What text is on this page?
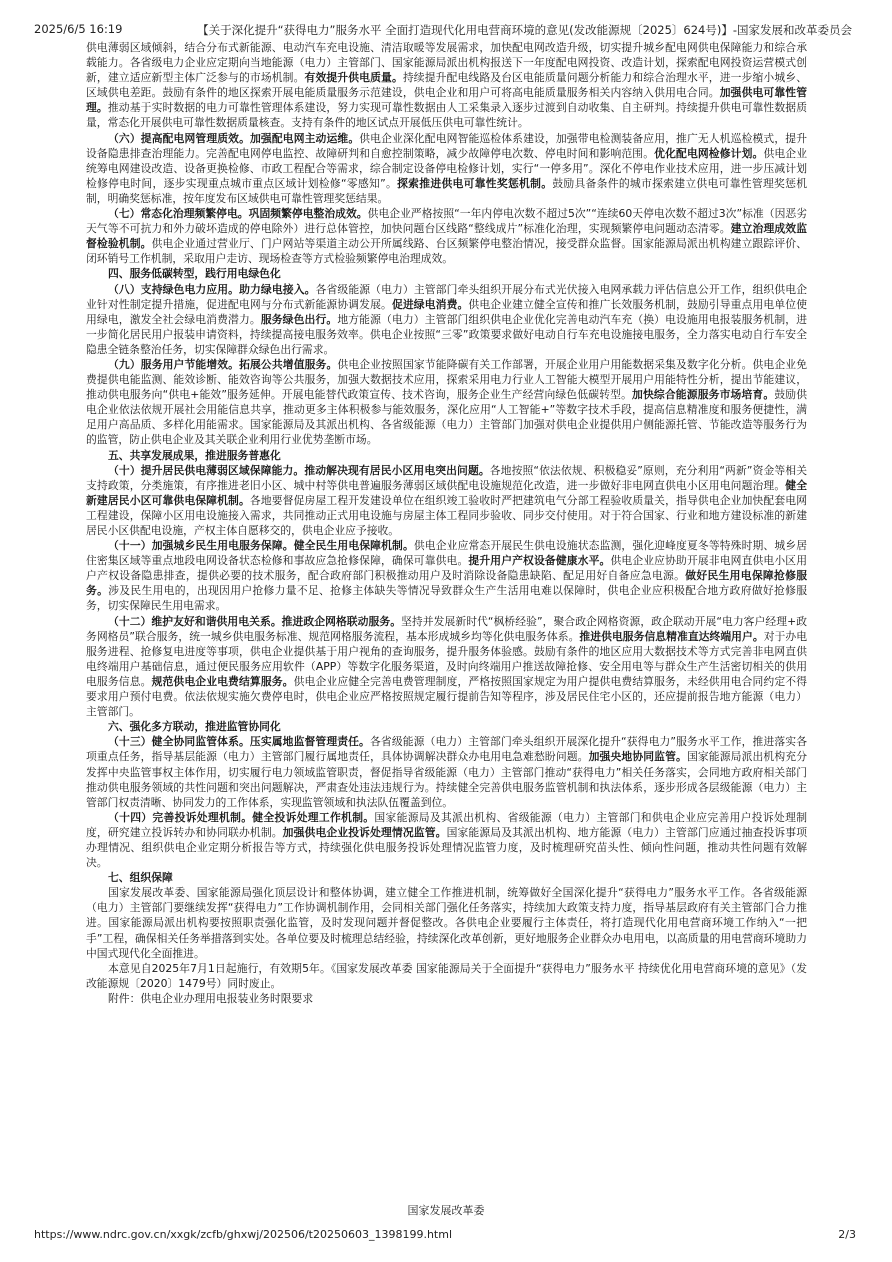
2025/6/5 16:19	【关于深化提升“获得电力”服务水平 全面打造现代化用电营商环境的意见(发改能源规〔2025〕624号)】-国家发展和改革委员会

供电薄弱区域倾斜，结合分布式新能源、电动汽车充电设施、清洁取暖等发展需求，加快配电网改造升级，切实提升城乡配电网供电保障能力和综合承载能力。各省级电力企业应定期向当地能源（电力）主管部门、国家能源局派出机构报送下一年度配电网投资、改造计划，探索配电网投资运营模式创新，建立适应新型主体广泛参与的市场机制。有效提升供电质量。持续提升配电线路及台区电能质量问题分析能力和综合治理水平，进一步缩小城乡、区域供电差距。鼓励有条件的地区探索开展电能质量服务示范建设，供电企业和用户可将高电能质量服务相关内容纳入供用电合同。加强供电可靠性管理。推动基于实时数据的电力可靠性管理体系建设，努力实现可靠性数据由人工采集录入逐步过渡到自动收集、自主研判。持续提升供电可靠性数据质量，常态化开展供电可靠性数据质量核查。支持有条件的地区试点开展低压供电可靠性统计。

（六）提高配电网管理质效。加强配电网主动运维。供电企业深化配电网智能巡检体系建设，加强带电检测装备应用，推广无人机巡检模式，提升设备隐患排查治理能力。完善配电网停电监控、故障研判和自愈控制策略，减少故障停电次数、停电时间和影响范围。优化配电网检修计划。供电企业统筹电网建设改造、设备更换检修、市政工程配合等需求，综合制定设备停电检修计划，实行“一停多用”。深化不停电作业技术应用，进一步压减计划检修停电时间，逐步实现重点城市重点区域计划检修“零感知”。探索推进供电可靠性奖惩机制。鼓励具备条件的城市探索建立供电可靠性管理奖惩机制，明确奖惩标准，按年度发布区域供电可靠性管理奖惩结果。

（七）常态化治理频繁停电。巩固频繁停电整治成效。供电企业严格按照“一年内停电次数不超过5次”“连续60天停电次数不超过3次”标准（因恶劣天气等不可抗力和外力破坏造成的停电除外）进行总体管控，加快问题台区线路“整线成片”标准化治理，实现频繁停电问题动态清零。建立治理成效监督检验机制。供电企业通过营业厅、门户网站等渠道主动公开所属线路、台区频繁停电整治情况，接受群众监督。国家能源局派出机构建立跟踪评价、闭环销号工作机制，采取用户走访、现场检查等方式检验频繁停电治理成效。

四、服务低碳转型，践行用电绿色化

（八）支持绿色电力应用。助力绿电接入。各省级能源（电力）主管部门牵头组织开展分布式光伏接入电网承载力评估信息公开工作，组织供电企业针对性制定提升措施，促进配电网与分布式新能源协调发展。促进绿电消费。供电企业建立健全宣传和推广长效服务机制，鼓励引导重点用电单位使用绿电，激发全社会绿电消费潜力。服务绿色出行。地方能源（电力）主管部门组织供电企业优化完善电动汽车充（换）电设施用电报装服务机制，进一步简化居民用户报装申请资料，持续提高接电服务效率。供电企业按照“三零”政策要求做好电动自行车充电设施接电服务，全力落实电动自行车安全隐患全链条整治任务，切实保障群众绿色出行需求。

（九）服务用户节能增效。拓展公共增值服务。供电企业按照国家节能降碳有关工作部署，开展企业用户用能数据采集及数字化分析。供电企业免费提供电能监测、能效诊断、能效咨询等公共服务，加强大数据技术应用，探索采用电力行业人工智能大模型开展用户用能特性分析，提出节能建议，推动供电服务向“供电+能效”服务延伸。开展电能替代政策宣传、技术咨询，服务企业生产经营向绿色低碳转型。加快综合能源服务市场培育。鼓励供电企业依法依规开展社会用能信息共享，推动更多主体积极参与能效服务，深化应用“人工智能+”等数字技术手段，提高信息精准度和服务便捷性，满足用户高品质、多样化用能需求。国家能源局及其派出机构、各省级能源（电力）主管部门加强对供电企业提供用户侧能源托管、节能改造等服务行为的监管，防止供电企业及其关联企业利用行业优势垄断市场。

五、共享发展成果，推进服务普惠化

（十）提升居民供电薄弱区域保障能力。推动解决现有居民小区用电突出问题。各地按照“依法依规、积极稳妥”原则，充分利用“两新”资金等相关支持政策，分类施策，有序推进老旧小区、城中村等供电普遍服务薄弱区域供配电设施规范化改造，进一步做好非电网直供电小区用电问题治理。健全新建居民小区可靠供电保障机制。各地要督促房屋工程开发建设单位在组织竣工验收时严把建筑电气分部工程验收质量关，指导供电企业加快配套电网工程建设，保障小区用电设施接入需求，共同推动正式用电设施与房屋主体工程同步验收、同步交付使用。对于符合国家、行业和地方建设标准的新建居民小区供配电设施，产权主体自愿移交的，供电企业应予接收。

（十一）加强城乡民生用电服务保障。健全民生用电保障机制。供电企业应常态开展民生供电设施状态监测，强化迎峰度夏冬等特殊时期、城乡居住密集区域等重点地段电网设备状态检修和事故应急抢修保障，确保可靠供电。提升用户产权设备健康水平。供电企业应协助开展非电网直供电小区用户产权设备隐患排查，提供必要的技术服务，配合政府部门积极推动用户及时消除设备隐患缺陷、配足用好自备应急电源。做好民生用电保障抢修服务。涉及民生用电的，出现因用户抢修力量不足、抢修主体缺失等情况导致群众生产生活用电难以保障时，供电企业应积极配合地方政府做好抢修服务，切实保障民生用电需求。

（十二）维护友好和谐供用电关系。推进政企网格联动服务。坚持并发展新时代“枫桥经验”，聚合政企网格资源，政企联动开展“电力客户经理+政务网格员”联合服务，统一城乡供电服务标准、规范网格服务流程，基本形成城乡均等化供电服务体系。推进供电服务信息精准直达终端用户。对于办电服务进程、抢修复电进度等事项，供电企业提供基于用户视角的查询服务，提升服务体验感。鼓励有条件的地区应用大数据技术等方式完善非电网直供电终端用户基础信息，通过便民服务应用软件（APP）等数字化服务渠道，及时向终端用户推送故障抢修、安全用电等与群众生产生活密切相关的供用电服务信息。规范供电企业电费结算服务。供电企业应健全完善电费管理制度，严格按照国家规定为用户提供电费结算服务，未经供用电合同约定不得要求用户预付电费。依法依规实施欠费停电时，供电企业应严格按照规定履行提前告知等程序，涉及居民住宅小区的，还应提前报告地方能源（电力）主管部门。

六、强化多方联动，推进监管协同化

（十三）健全协同监管体系。压实属地监督管理责任。各省级能源（电力）主管部门牵头组织开展深化提升“获得电力”服务水平工作，推进落实各项重点任务，指导基层能源（电力）主管部门履行属地责任，具体协调解决群众办电用电急难愁盼问题。加强央地协同监管。国家能源局派出机构充分发挥中央监管事权主体作用，切实履行电力领域监管职责，督促指导省级能源（电力）主管部门推动“获得电力”相关任务落实，会同地方政府相关部门推动供电服务领域的共性问题和突出问题解决，严肃查处违法违规行为。持续健全完善供电服务监管机制和执法体系，逐步形成各层级能源（电力）主管部门权责清晰、协同发力的工作体系，实现监管领域和执法队伍覆盖到位。

（十四）完善投诉处理机制。健全投诉处理工作机制。国家能源局及其派出机构、省级能源（电力）主管部门和供电企业应完善用户投诉处理制度，研究建立投诉转办和协同联办机制。加强供电企业投诉处理情况监管。国家能源局及其派出机构、地方能源（电力）主管部门应通过抽查投诉事项办理情况、组织供电企业定期分析报告等方式，持续强化供电服务投诉处理情况监管力度，及时梳理研究苗头性、倾向性问题，推动共性问题有效解决。

七、组织保障

国家发展改革委、国家能源局强化顶层设计和整体协调，建立健全工作推进机制，统筹做好全国深化提升“获得电力”服务水平工作。各省级能源（电力）主管部门要继续发挥“获得电力”工作协调机制作用，会同相关部门强化任务落实，持续加大政策支持力度，指导基层政府有关主管部门合力推进。国家能源局派出机构要按照职责强化监管，及时发现问题并督促整改。各供电企业要履行主体责任，将打造现代化用电营商环境工作纳入“一把手”工程，确保相关任务举措落到实处。各单位要及时梳理总结经验，持续深化改革创新，更好地服务企业群众办电用电，以高质量的用电营商环境助力中国式现代化全面推进。

本意见自2025年7月1日起施行，有效期5年。《国家发展改革委 国家能源局关于全面提升“获得电力”服务水平 持续优化用电营商环境的意见》（发改能源规〔2020〕1479号）同时废止。

附件：供电企业办理用电报装业务时限要求

国家发展改革委
https://www.ndrc.gov.cn/xxgk/zcfb/ghxwj/202506/t20250603_1398199.html	2/3
